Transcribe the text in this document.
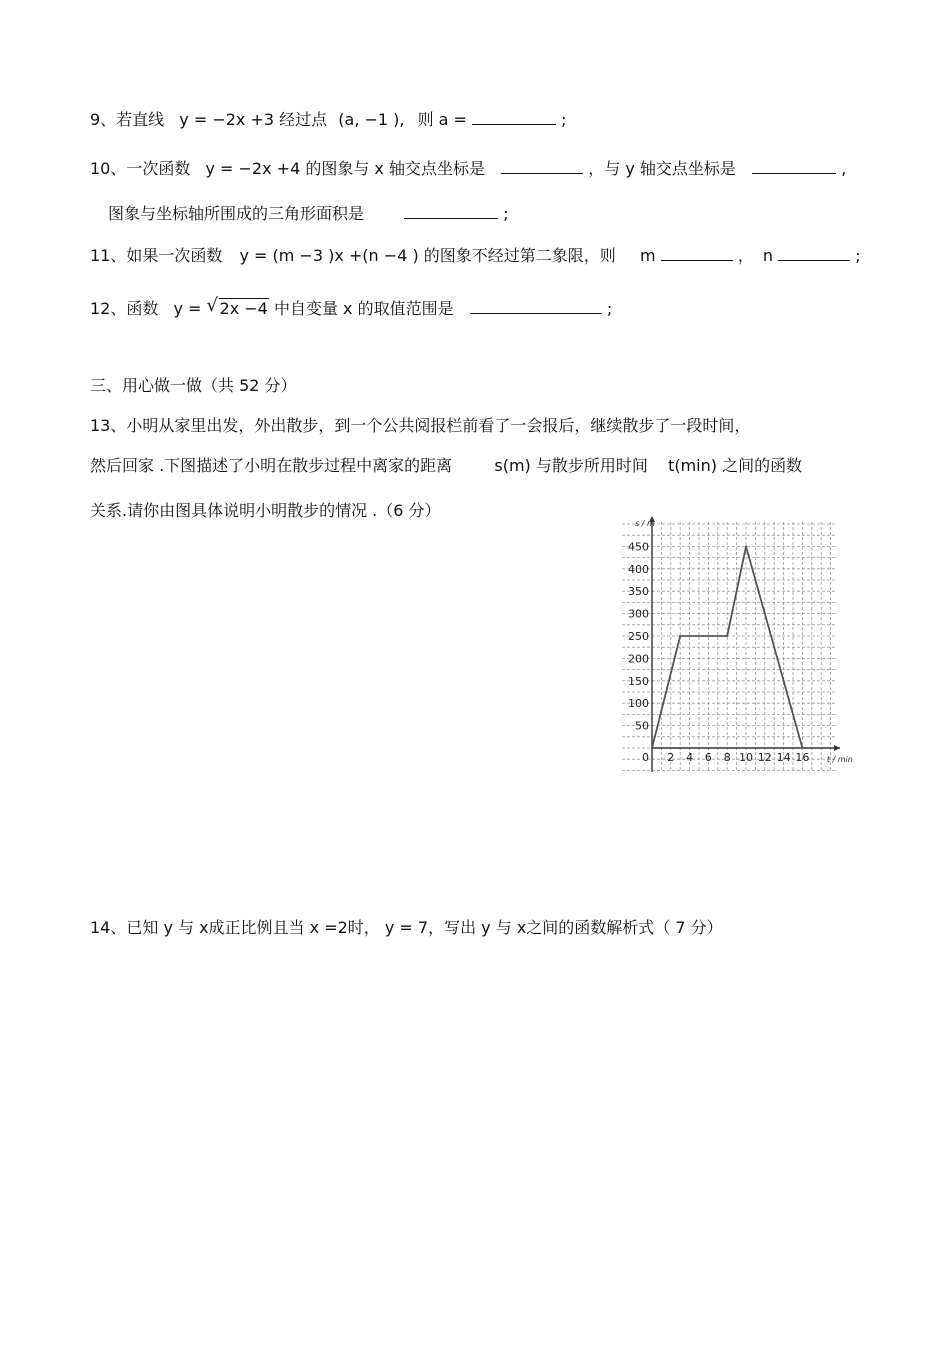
9、若直线 y = −2x +3 经过点 (a, −1 ), 则 a =	;
10、一次函数 y = −2x +4 的图象与 x 轴交点坐标是	，与 y 轴交点坐标是	,
图象与坐标轴所围成的三角形面积是	;
11、如果一次函数 y = (m −3 )x +(n −4 ) 的图象不经过第二象限，则 m	， n	;
12、函数 y = √ 2x −4 中自变量 x 的取值范围是	;
三、用心做一做（共 52 分）
13、小明从家里出发，外出散步，到一个公共阅报栏前看了一会报后，继续散步了一段时间，
然后回家 .下图描述了小明在散步过程中离家的距离	s(m) 与散步所用时间 t(min) 之间的函数
关系.请你由图具体说明小明散步的情况 .（6 分）
s / m
t / min
0 2 4 6 8 10 12 14 16
50
100
150
200
250
300
350
400
450
14、已知 y 与 x成正比例且当 x =2时， y = 7，写出 y 与 x之间的函数解析式（ 7 分）
